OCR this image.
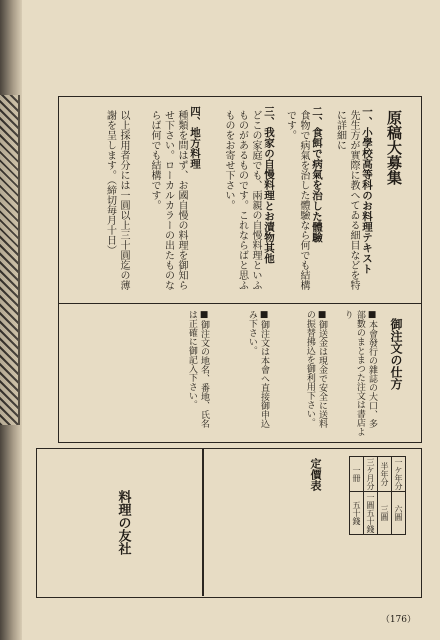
原稿大募集
一、小學校高等科のお料理テキスト
先生方が實際に教へてゐる細目などを特に詳細に
二、食餌で病氣を治した體驗
食物で病氣を治した體驗なら何でも結構です。
三、我家の自慢料理とお漬物其他
どこの家庭でも、兩親の自慢料理といふものがあるものです。これならばと思ふものをお寄せ下さい。
四、地方料理
種類を問はず、お國自慢の料理を御知らせ下さい。ローカルカラーの出たものならば何でも結構です。
以上採用者分には一圓以上三十圓迄の薄謝を呈します。（締切毎月十日）
御注文の仕方
■本會發行の雜誌の大口、多部數のまとまつた注文は書店より
■御送金は現金で安全に送料の振替拂込を御利用下さい。
■御注文は本會へ直接御申込み下さい。
■御注文の地名、番地、氏名は正確に御記入下さい。
定價表	一冊	三ケ月分	半年分	一ケ年分
五十錢	一圓五十錢	三圓	六圓
料理の友社
（176）
